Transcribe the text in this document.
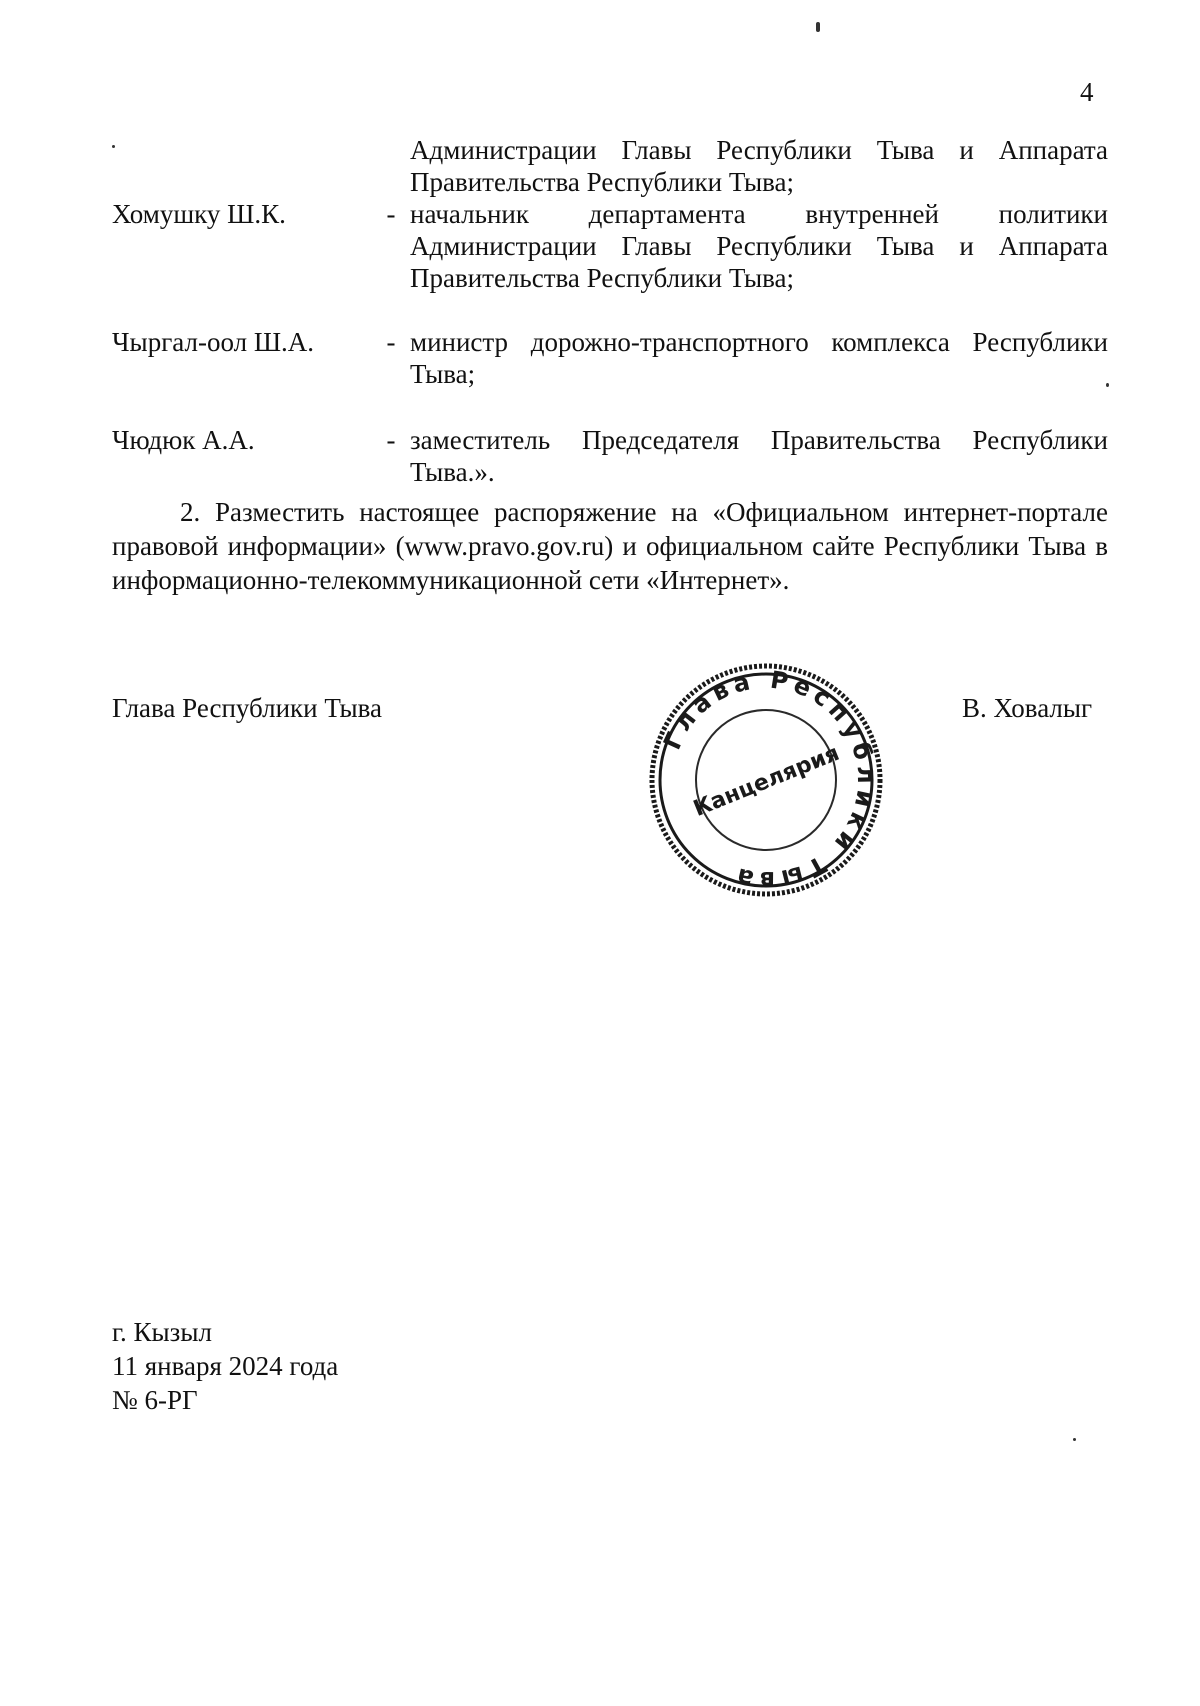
4
Администрации Главы Республики Тыва и Аппарата Правительства Республики Тыва;
Хомушку Ш.К.	- начальник департамента внутренней политики Администрации Главы Республики Тыва и Аппарата Правительства Республики Тыва;
Чыргал-оол Ш.А.	- министр дорожно-транспортного комплекса Республики Тыва;
Чюдюк А.А.	- заместитель Председателя Правительства Республики Тыва.».
2. Разместить настоящее распоряжение на «Официальном интернет-портале правовой информации» (www.pravo.gov.ru) и официальном сайте Республики Тыва в информационно-телекоммуникационной сети «Интернет».
Глава Республики Тыва	В. Ховалыг
Глава Республики Тыва
Канцелярия
г. Кызыл
11 января 2024 года
№ 6-РГ
